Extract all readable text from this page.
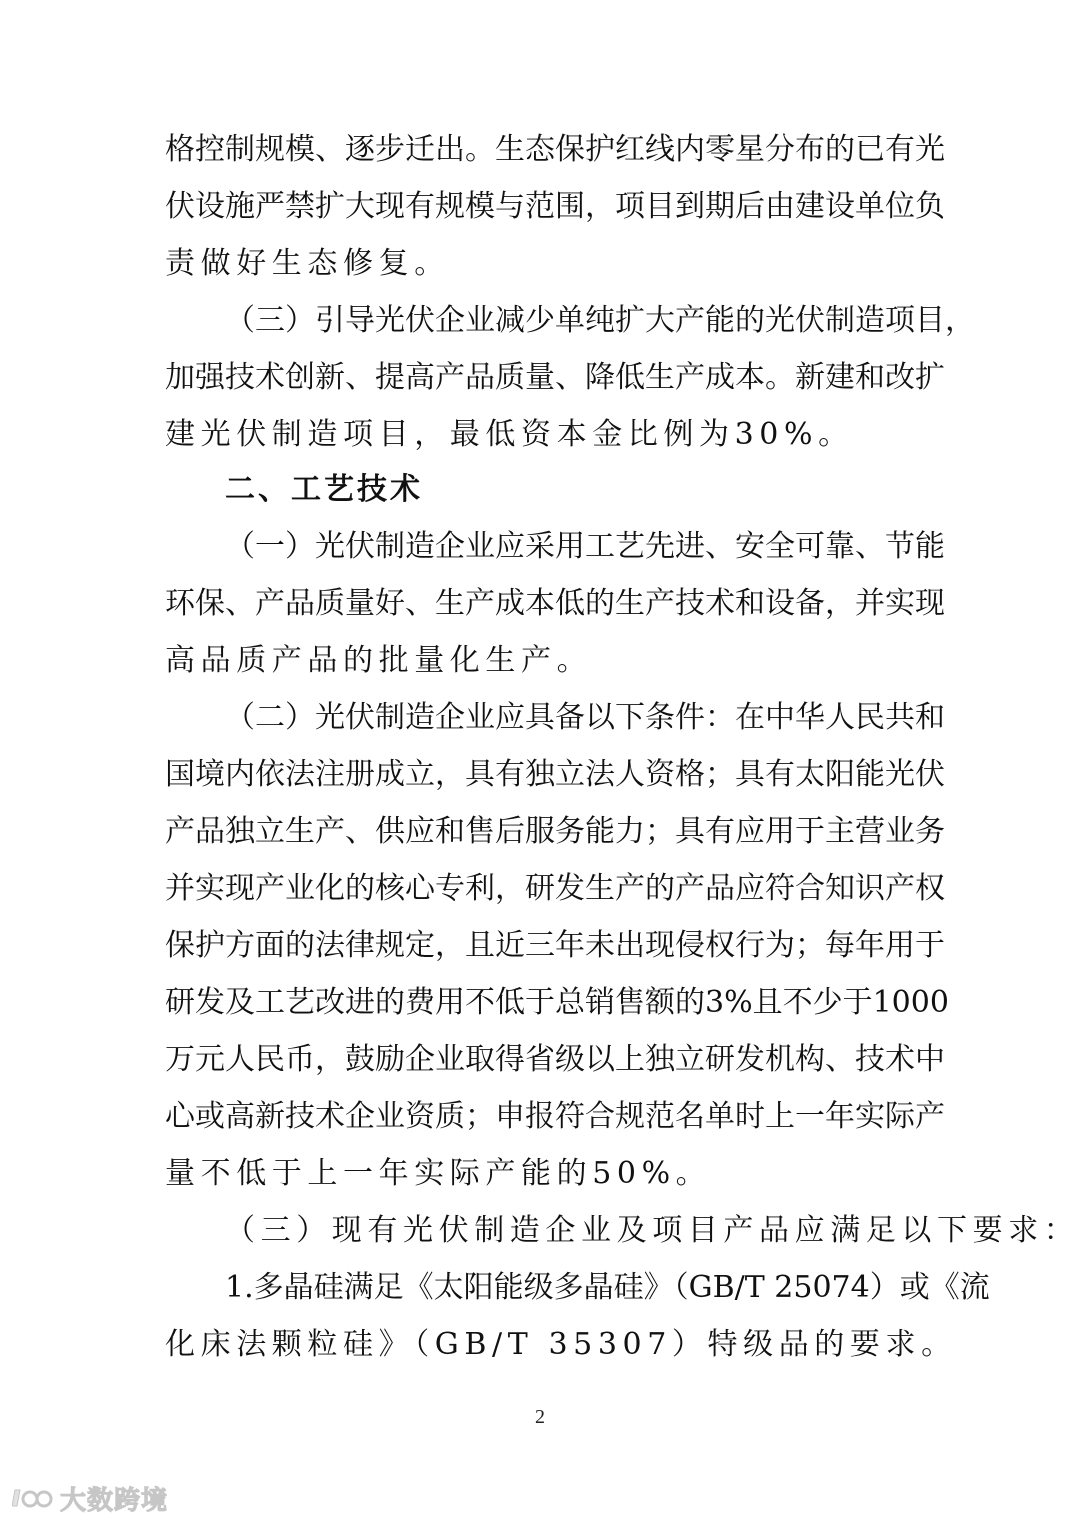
格控制规模、逐步迁出。生态保护红线内零星分布的已有光
伏设施严禁扩大现有规模与范围，项目到期后由建设单位负
责做好生态修复。
（三）引导光伏企业减少单纯扩大产能的光伏制造项目，
加强技术创新、提高产品质量、降低生产成本。新建和改扩
建光伏制造项目，最低资本金比例为30%。
二、工艺技术
（一）光伏制造企业应采用工艺先进、安全可靠、节能
环保、产品质量好、生产成本低的生产技术和设备，并实现
高品质产品的批量化生产。
（二）光伏制造企业应具备以下条件：在中华人民共和
国境内依法注册成立，具有独立法人资格；具有太阳能光伏
产品独立生产、供应和售后服务能力；具有应用于主营业务
并实现产业化的核心专利，研发生产的产品应符合知识产权
保护方面的法律规定，且近三年未出现侵权行为；每年用于
研发及工艺改进的费用不低于总销售额的3%且不少于1000
万元人民币，鼓励企业取得省级以上独立研发机构、技术中
心或高新技术企业资质；申报符合规范名单时上一年实际产
量不低于上一年实际产能的50%。
（三）现有光伏制造企业及项目产品应满足以下要求：
1.多晶硅满足《太阳能级多晶硅》（GB/T 25074）或《流
化床法颗粒硅》（GB/T 35307）特级品的要求。
2
大数跨境
